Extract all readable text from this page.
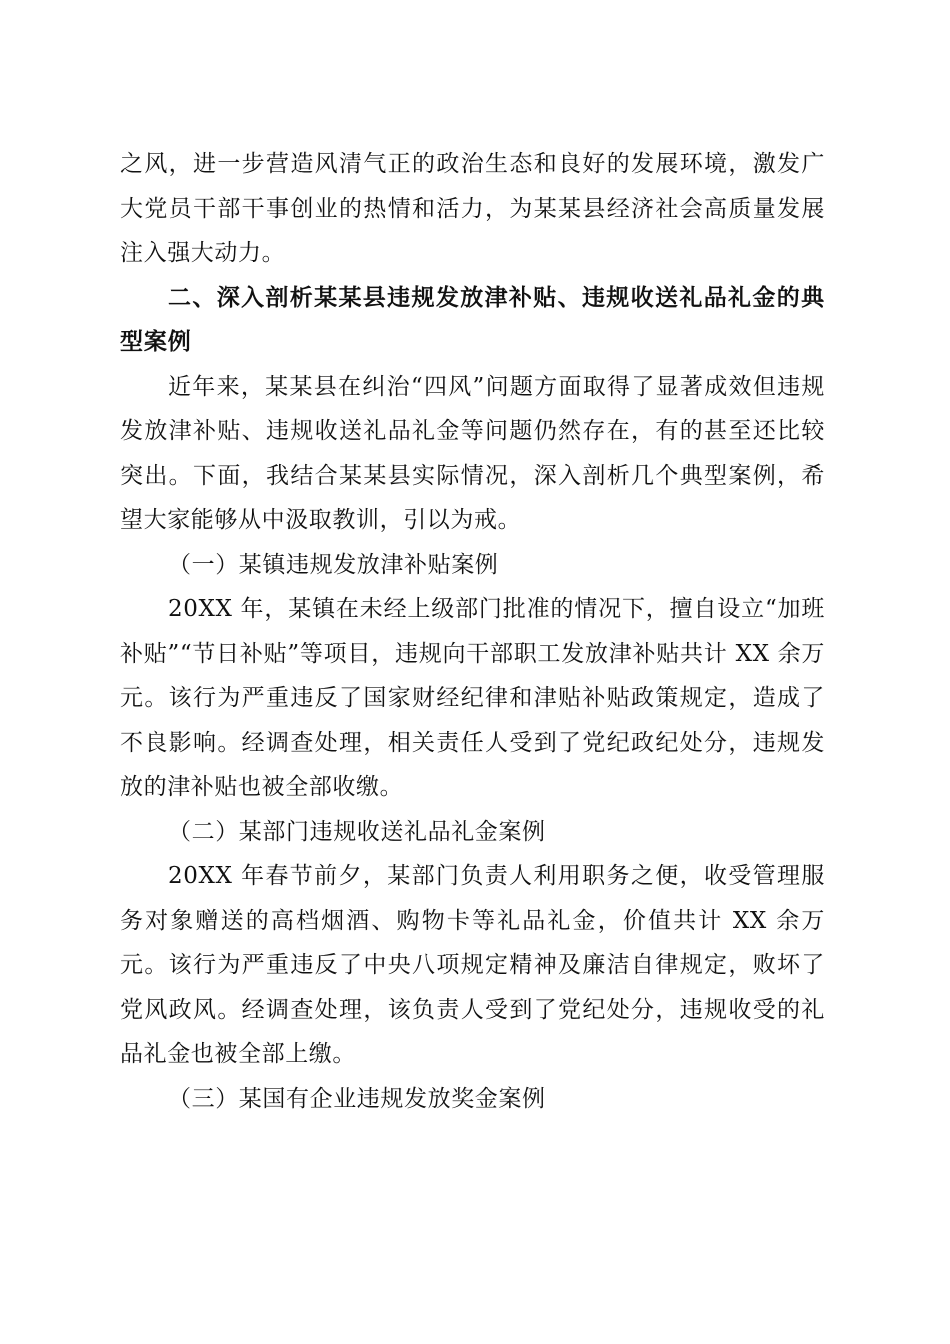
之风，进一步营造风清气正的政治生态和良好的发展环境，激发广大党员干部干事创业的热情和活力，为某某县经济社会高质量发展注入强大动力。

二、深入剖析某某县违规发放津补贴、违规收送礼品礼金的典型案例

近年来，某某县在纠治“四风”问题方面取得了显著成效但违规发放津补贴、违规收送礼品礼金等问题仍然存在，有的甚至还比较突出。下面，我结合某某县实际情况，深入剖析几个典型案例，希望大家能够从中汲取教训，引以为戒。

（一）某镇违规发放津补贴案例

20XX 年，某镇在未经上级部门批准的情况下，擅自设立“加班补贴”“节日补贴”等项目，违规向干部职工发放津补贴共计 XX 余万元。该行为严重违反了国家财经纪律和津贴补贴政策规定，造成了不良影响。经调查处理，相关责任人受到了党纪政纪处分，违规发放的津补贴也被全部收缴。

（二）某部门违规收送礼品礼金案例

20XX 年春节前夕，某部门负责人利用职务之便，收受管理服务对象赠送的高档烟酒、购物卡等礼品礼金，价值共计 XX 余万元。该行为严重违反了中央八项规定精神及廉洁自律规定，败坏了党风政风。经调查处理，该负责人受到了党纪处分，违规收受的礼品礼金也被全部上缴。

（三）某国有企业违规发放奖金案例
